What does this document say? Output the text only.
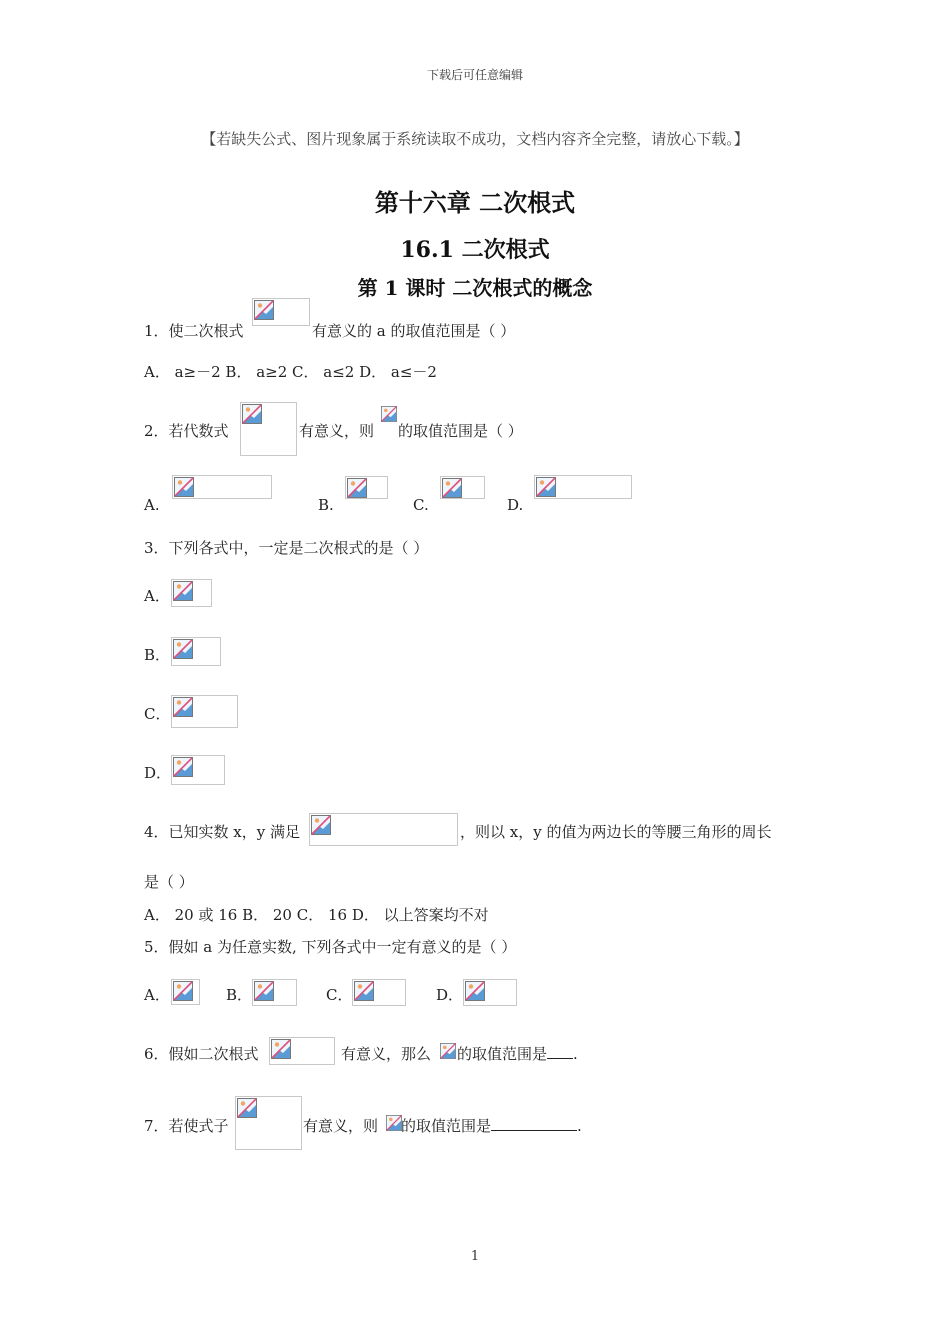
下载后可任意编辑
【若缺失公式、图片现象属于系统读取不成功，文档内容齐全完整，请放心下载。】
第十六章 二次根式
16.1 二次根式
第 1 课时 二次根式的概念
1．使二次根式	有意义的 a 的取值范围是（ ）
A． a≥－2 B． a≥2 C． a≤2 D． a≤－2
2．若代数式	有意义，则 的取值范围是（ ）
A.	B.	C.	D.
3．下列各式中，一定是二次根式的是（ ）
A．
B．
C．
D．
4．已知实数 x，y 满足	，则以 x，y 的值为两边长的等腰三角形的周长
是（ ）
A． 20 或 16 B． 20 C． 16 D． 以上答案均不对
5．假如 a 为任意实数, 下列各式中一定有意义的是（ ）
A．	B．	C．	D．
6．假如二次根式	有意义，那么 的取值范围是 .
7．若使式子	有意义，则 的取值范围是	.
1
